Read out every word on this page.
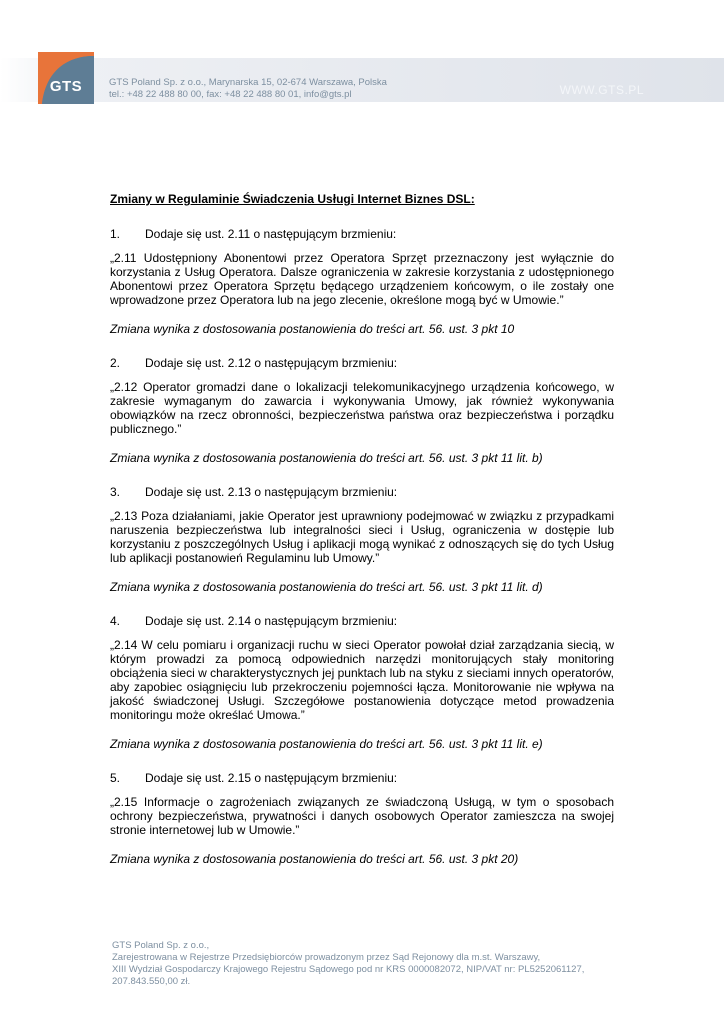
GTS	GTS Poland Sp. z o.o., Marynarska 15, 02-674 Warszawa, Polska
tel.: +48 22 488 80 00, fax: +48 22 488 80 01, info@gts.pl	WWW.GTS.PL

Zmiany w Regulaminie Świadczenia Usługi Internet Biznes DSL:

1. Dodaje się ust. 2.11 o następującym brzmieniu:

„2.11 Udostępniony Abonentowi przez Operatora Sprzęt przeznaczony jest wyłącznie do korzystania z Usług Operatora. Dalsze ograniczenia w zakresie korzystania z udostępnionego Abonentowi przez Operatora Sprzętu będącego urządzeniem końcowym, o ile zostały one wprowadzone przez Operatora lub na jego zlecenie, określone mogą być w Umowie.”

Zmiana wynika z dostosowania postanowienia do treści art. 56. ust. 3 pkt 10

2. Dodaje się ust. 2.12 o następującym brzmieniu:

„2.12 Operator gromadzi dane o lokalizacji telekomunikacyjnego urządzenia końcowego, w zakresie wymaganym do zawarcia i wykonywania Umowy, jak również wykonywania obowiązków na rzecz obronności, bezpieczeństwa państwa oraz bezpieczeństwa i porządku publicznego.”

Zmiana wynika z dostosowania postanowienia do treści art. 56. ust. 3 pkt 11 lit. b)

3. Dodaje się ust. 2.13 o następującym brzmieniu:

„2.13 Poza działaniami, jakie Operator jest uprawniony podejmować w związku z przypadkami naruszenia bezpieczeństwa lub integralności sieci i Usług, ograniczenia w dostępie lub korzystaniu z poszczególnych Usług i aplikacji mogą wynikać z odnoszących się do tych Usług lub aplikacji postanowień Regulaminu lub Umowy.”

Zmiana wynika z dostosowania postanowienia do treści art. 56. ust. 3 pkt 11 lit. d)

4. Dodaje się ust. 2.14 o następującym brzmieniu:

„2.14 W celu pomiaru i organizacji ruchu w sieci Operator powołał dział zarządzania siecią, w którym prowadzi za pomocą odpowiednich narzędzi monitorujących stały monitoring obciążenia sieci w charakterystycznych jej punktach lub na styku z sieciami innych operatorów, aby zapobiec osiągnięciu lub przekroczeniu pojemności łącza. Monitorowanie nie wpływa na jakość świadczonej Usługi. Szczegółowe postanowienia dotyczące metod prowadzenia monitoringu może określać Umowa.”

Zmiana wynika z dostosowania postanowienia do treści art. 56. ust. 3 pkt 11 lit. e)

5. Dodaje się ust. 2.15 o następującym brzmieniu:

„2.15 Informacje o zagrożeniach związanych ze świadczoną Usługą, w tym o sposobach ochrony bezpieczeństwa, prywatności i danych osobowych Operator zamieszcza na swojej stronie internetowej lub w Umowie.”

Zmiana wynika z dostosowania postanowienia do treści art. 56. ust. 3 pkt 20)

GTS Poland Sp. z o.o.,
Zarejestrowana w Rejestrze Przedsiębiorców prowadzonym przez Sąd Rejonowy dla m.st. Warszawy,
XIII Wydział Gospodarczy Krajowego Rejestru Sądowego pod nr KRS 0000082072, NIP/VAT nr: PL5252061127,
207.843.550,00 zł.
